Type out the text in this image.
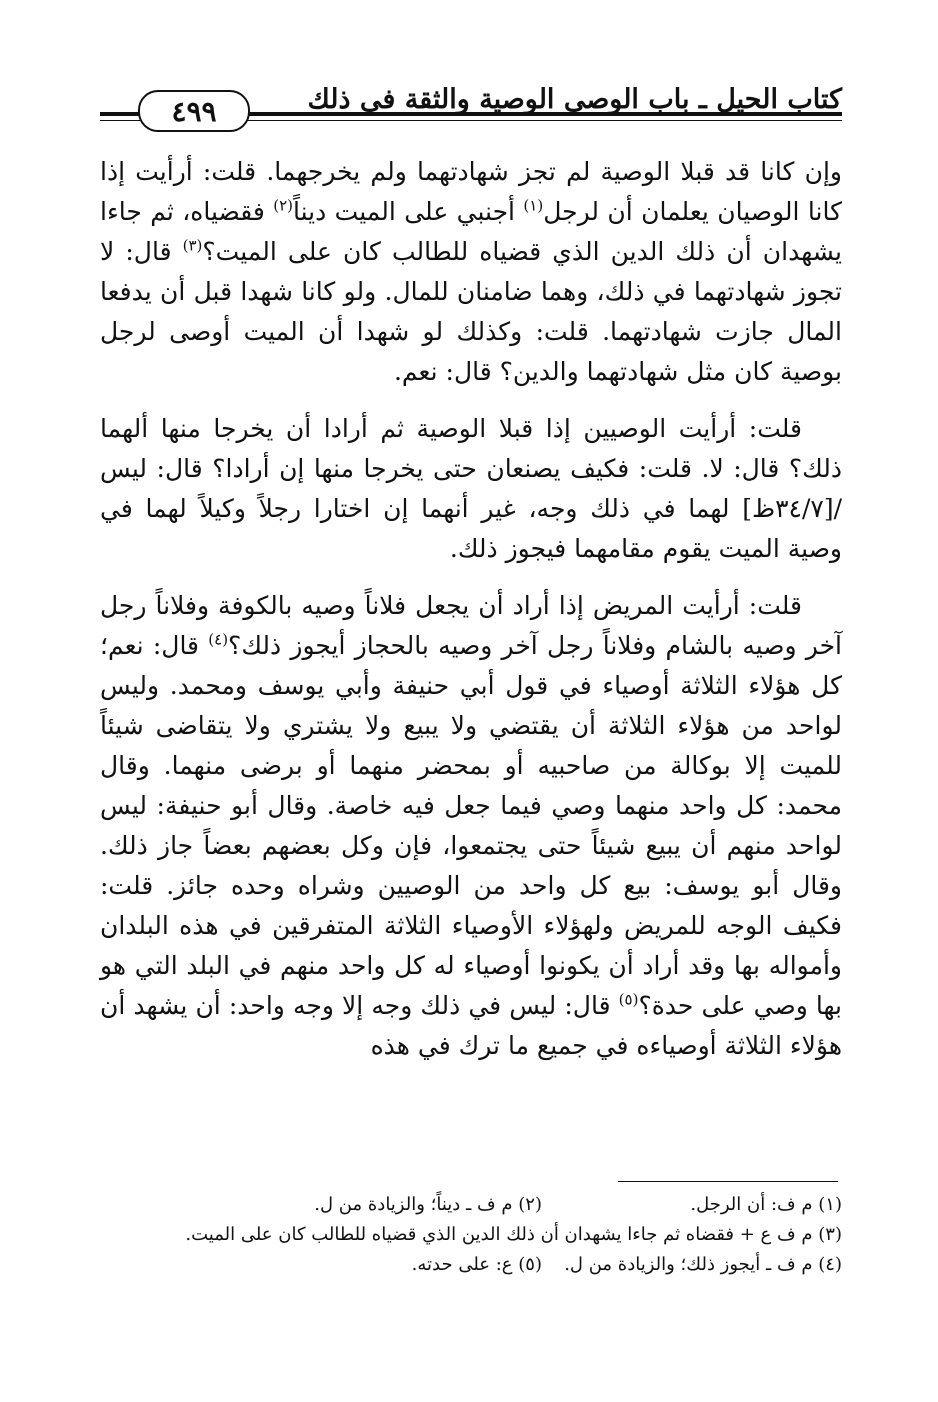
كتاب الحيل ـ باب الوصي الوصية والثقة في ذلك
٤٩٩

وإن كانا قد قبلا الوصية لم تجز شهادتهما ولم يخرجهما. قلت: أرأيت إذا كانا الوصيان يعلمان أن لرجل$^{(١)}$ أجنبي على الميت ديناً$^{(٢)}$ فقضياه، ثم جاءا يشهدان أن ذلك الدين الذي قضياه للطالب كان على الميت؟$^{(٣)}$ قال: لا تجوز شهادتهما في ذلك، وهما ضامنان للمال. ولو كانا شهدا قبل أن يدفعا المال جازت شهادتهما. قلت: وكذلك لو شهدا أن الميت أوصى لرجل بوصية كان مثل شهادتهما والدين؟ قال: نعم.

قلت: أرأيت الوصيين إذا قبلا الوصية ثم أرادا أن يخرجا منها ألهما ذلك؟ قال: لا. قلت: فكيف يصنعان حتى يخرجا منها إن أرادا؟ قال: ليس /[٣٤/٧ظ] لهما في ذلك وجه، غير أنهما إن اختارا رجلاً وكيلاً لهما في وصية الميت يقوم مقامهما فيجوز ذلك.

قلت: أرأيت المريض إذا أراد أن يجعل فلاناً وصيه بالكوفة وفلاناً رجل آخر وصيه بالشام وفلاناً رجل آخر وصيه بالحجاز أيجوز ذلك؟$^{(٤)}$ قال: نعم؛ كل هؤلاء الثلاثة أوصياء في قول أبي حنيفة وأبي يوسف ومحمد. وليس لواحد من هؤلاء الثلاثة أن يقتضي ولا يبيع ولا يشتري ولا يتقاضى شيئاً للميت إلا بوكالة من صاحبيه أو بمحضر منهما أو برضى منهما. وقال محمد: كل واحد منهما وصي فيما جعل فيه خاصة. وقال أبو حنيفة: ليس لواحد منهم أن يبيع شيئاً حتى يجتمعوا، فإن وكل بعضهم بعضاً جاز ذلك. وقال أبو يوسف: بيع كل واحد من الوصيين وشراه وحده جائز. قلت: فكيف الوجه للمريض ولهؤلاء الأوصياء الثلاثة المتفرقين في هذه البلدان وأمواله بها وقد أراد أن يكونوا أوصياء له كل واحد منهم في البلد التي هو بها وصي على حدة؟$^{(٥)}$ قال: ليس في ذلك وجه إلا وجه واحد: أن يشهد أن هؤلاء الثلاثة أوصياءه في جميع ما ترك في هذه

(١) م ف: أن الرجل.
(٢) م ف ـ ديناً؛ والزيادة من ل.
(٣) م ف ع + فقضاه ثم جاءا يشهدان أن ذلك الدين الذي قضياه للطالب كان على الميت.
(٤) م ف ـ أيجوز ذلك؛ والزيادة من ل.
(٥) ع: على حدته.
